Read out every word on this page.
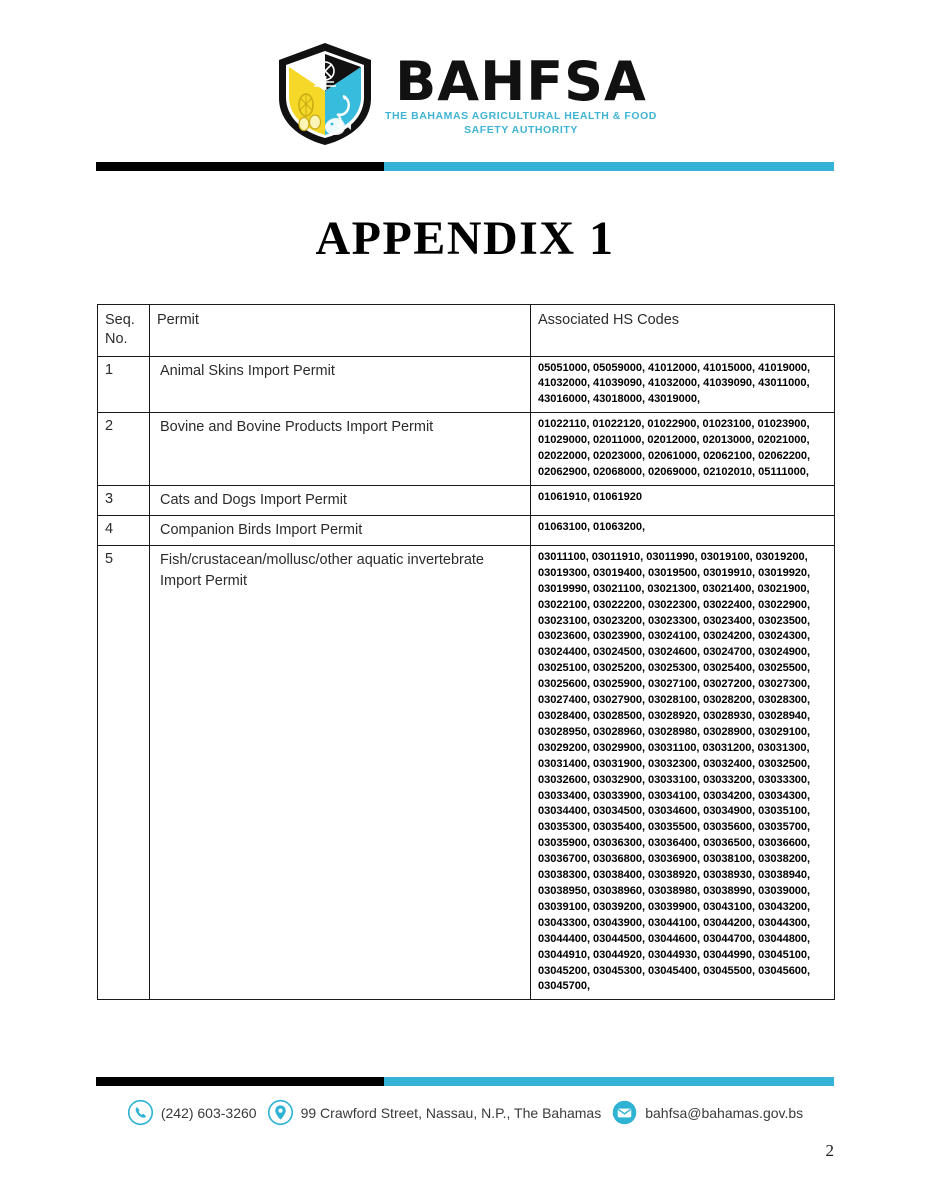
BAHFSA
THE BAHAMAS AGRICULTURAL HEALTH & FOOD
SAFETY AUTHORITY
APPENDIX 1
Seq.
No.	Permit	Associated HS Codes
1	Animal Skins Import Permit	05051000, 05059000, 41012000, 41015000, 41019000, 41032000, 41039090, 41032000, 41039090, 43011000, 43016000, 43018000, 43019000,
2	Bovine and Bovine Products Import Permit	01022110, 01022120, 01022900, 01023100, 01023900, 01029000, 02011000, 02012000, 02013000, 02021000, 02022000, 02023000, 02061000, 02062100, 02062200, 02062900, 02068000, 02069000, 02102010, 05111000,
3	Cats and Dogs Import Permit	01061910, 01061920
4	Companion Birds Import Permit	01063100, 01063200,
5	Fish/crustacean/mollusc/other aquatic invertebrate Import Permit	03011100, 03011910, 03011990, 03019100, 03019200, 03019300, 03019400, 03019500, 03019910, 03019920, 03019990, 03021100, 03021300, 03021400, 03021900, 03022100, 03022200, 03022300, 03022400, 03022900, 03023100, 03023200, 03023300, 03023400, 03023500, 03023600, 03023900, 03024100, 03024200, 03024300, 03024400, 03024500, 03024600, 03024700, 03024900, 03025100, 03025200, 03025300, 03025400, 03025500, 03025600, 03025900, 03027100, 03027200, 03027300, 03027400, 03027900, 03028100, 03028200, 03028300, 03028400, 03028500, 03028920, 03028930, 03028940, 03028950, 03028960, 03028980, 03028900, 03029100, 03029200, 03029900, 03031100, 03031200, 03031300, 03031400, 03031900, 03032300, 03032400, 03032500, 03032600, 03032900, 03033100, 03033200, 03033300, 03033400, 03033900, 03034100, 03034200, 03034300, 03034400, 03034500, 03034600, 03034900, 03035100, 03035300, 03035400, 03035500, 03035600, 03035700, 03035900, 03036300, 03036400, 03036500, 03036600, 03036700, 03036800, 03036900, 03038100, 03038200, 03038300, 03038400, 03038920, 03038930, 03038940, 03038950, 03038960, 03038980, 03038990, 03039000, 03039100, 03039200, 03039900, 03043100, 03043200, 03043300, 03043900, 03044100, 03044200, 03044300, 03044400, 03044500, 03044600, 03044700, 03044800, 03044910, 03044920, 03044930, 03044990, 03045100, 03045200, 03045300, 03045400, 03045500, 03045600, 03045700,
(242) 603-3260	99 Crawford Street, Nassau, N.P., The Bahamas	bahfsa@bahamas.gov.bs
2
